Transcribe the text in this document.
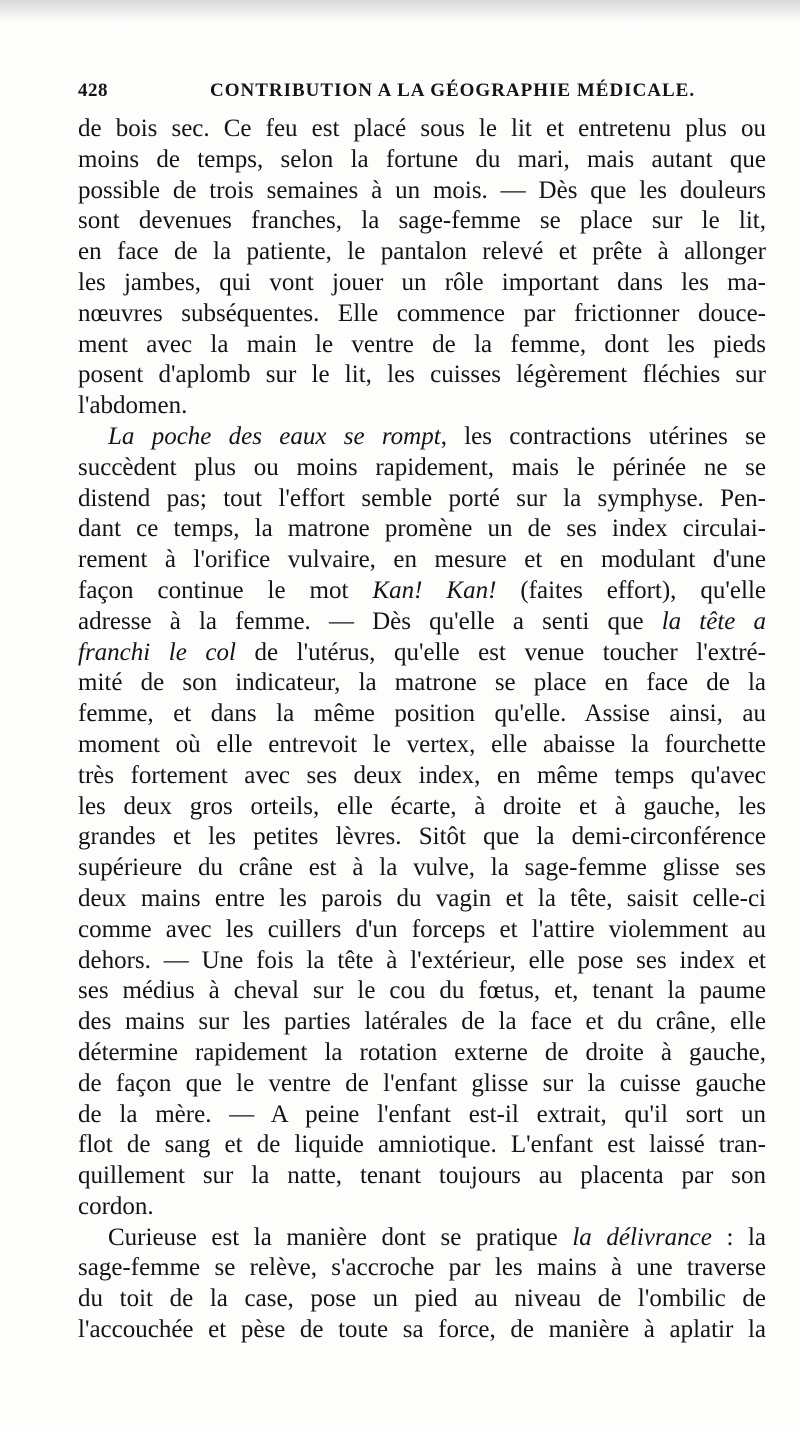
428	CONTRIBUTION A LA GÉOGRAPHIE MÉDICALE.
de bois sec. Ce feu est placé sous le lit et entretenu plus ou
moins de temps, selon la fortune du mari, mais autant que
possible de trois semaines à un mois. — Dès que les douleurs
sont devenues franches, la sage-femme se place sur le lit,
en face de la patiente, le pantalon relevé et prête à allonger
les jambes, qui vont jouer un rôle important dans les ma-
nœuvres subséquentes. Elle commence par frictionner douce-
ment avec la main le ventre de la femme, dont les pieds
posent d'aplomb sur le lit, les cuisses légèrement fléchies sur
l'abdomen.
La poche des eaux se rompt, les contractions utérines se
succèdent plus ou moins rapidement, mais le périnée ne se
distend pas; tout l'effort semble porté sur la symphyse. Pen-
dant ce temps, la matrone promène un de ses index circulai-
rement à l'orifice vulvaire, en mesure et en modulant d'une
façon continue le mot Kan! Kan! (faites effort), qu'elle
adresse à la femme. — Dès qu'elle a senti que la tête a
franchi le col de l'utérus, qu'elle est venue toucher l'extré-
mité de son indicateur, la matrone se place en face de la
femme, et dans la même position qu'elle. Assise ainsi, au
moment où elle entrevoit le vertex, elle abaisse la fourchette
très fortement avec ses deux index, en même temps qu'avec
les deux gros orteils, elle écarte, à droite et à gauche, les
grandes et les petites lèvres. Sitôt que la demi-circonférence
supérieure du crâne est à la vulve, la sage-femme glisse ses
deux mains entre les parois du vagin et la tête, saisit celle-ci
comme avec les cuillers d'un forceps et l'attire violemment au
dehors. — Une fois la tête à l'extérieur, elle pose ses index et
ses médius à cheval sur le cou du fœtus, et, tenant la paume
des mains sur les parties latérales de la face et du crâne, elle
détermine rapidement la rotation externe de droite à gauche,
de façon que le ventre de l'enfant glisse sur la cuisse gauche
de la mère. — A peine l'enfant est-il extrait, qu'il sort un
flot de sang et de liquide amniotique. L'enfant est laissé tran-
quillement sur la natte, tenant toujours au placenta par son
cordon.
Curieuse est la manière dont se pratique la délivrance : la
sage-femme se relève, s'accroche par les mains à une traverse
du toit de la case, pose un pied au niveau de l'ombilic de
l'accouchée et pèse de toute sa force, de manière à aplatir la
